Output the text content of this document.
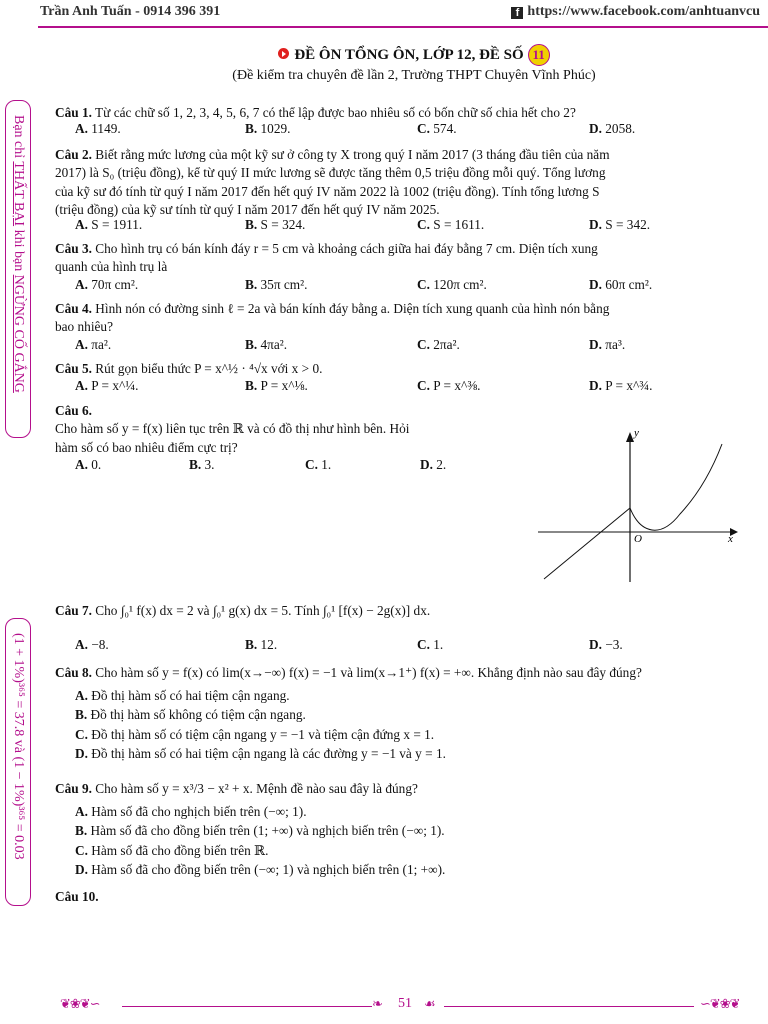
Trần Anh Tuấn - 0914 396 391	f https://www.facebook.com/anhtuanvcu
Bạn chỉ THẤT BẠI khi bạn NGỪNG CỐ GẮNG
(1 + 1%)³⁶⁵ = 37.8 và (1 − 1%)³⁶⁵ = 0.03
ĐỀ ÔN TỔNG ÔN, LỚP 12, ĐỀ SỐ 11
(Đề kiểm tra chuyên đề lần 2, Trường THPT Chuyên Vĩnh Phúc)
Câu 1. Từ các chữ số 1, 2, 3, 4, 5, 6, 7 có thể lập được bao nhiêu số có bốn chữ số chia hết cho 2?
A. 1149.	B. 1029.	C. 574.	D. 2058.
Câu 2. Biết rằng mức lương của một kỹ sư ở công ty X trong quý I năm 2017 (3 tháng đầu tiên của năm
2017) là S₀ (triệu đồng), kể từ quý II mức lương sẽ được tăng thêm 0,5 triệu đồng mỗi quý. Tổng lương
của kỹ sư đó tính từ quý I năm 2017 đến hết quý IV năm 2022 là 1002 (triệu đồng). Tính tổng lương S
(triệu đồng) của kỹ sư tính từ quý I năm 2017 đến hết quý IV năm 2025.
A. S = 1911.	B. S = 324.	C. S = 1611.	D. S = 342.
Câu 3. Cho hình trụ có bán kính đáy r = 5 cm và khoảng cách giữa hai đáy bằng 7 cm. Diện tích xung
quanh của hình trụ là
A. 70π cm².	B. 35π cm².	C. 120π cm².	D. 60π cm².
Câu 4. Hình nón có đường sinh ℓ = 2a và bán kính đáy bằng a. Diện tích xung quanh của hình nón bằng
bao nhiêu?
A. πa².	B. 4πa².	C. 2πa².	D. πa³.
Câu 5. Rút gọn biểu thức P = x^½ · ⁴√x với x > 0.
A. P = x^¼.	B. P = x^⅛.	C. P = x^⅜.	D. P = x^¾.
Câu 6.
Cho hàm số y = f(x) liên tục trên ℝ và có đồ thị như hình bên. Hỏi
hàm số có bao nhiêu điểm cực trị?
A. 0.	B. 3.	C. 1.	D. 2.
O
y
x
Câu 7. Cho ∫₀¹ f(x) dx = 2 và ∫₀¹ g(x) dx = 5. Tính ∫₀¹ [f(x) − 2g(x)] dx.
A. −8.	B. 12.	C. 1.	D. −3.
Câu 8. Cho hàm số y = f(x) có lim(x→−∞) f(x) = −1 và lim(x→1⁺) f(x) = +∞. Khẳng định nào sau đây đúng?
A. Đồ thị hàm số có hai tiệm cận ngang.
B. Đồ thị hàm số không có tiệm cận ngang.
C. Đồ thị hàm số có tiệm cận ngang y = −1 và tiệm cận đứng x = 1.
D. Đồ thị hàm số có hai tiệm cận ngang là các đường y = −1 và y = 1.
Câu 9. Cho hàm số y = x³/3 − x² + x. Mệnh đề nào sau đây là đúng?
A. Hàm số đã cho nghịch biến trên (−∞; 1).
B. Hàm số đã cho đồng biến trên (1; +∞) và nghịch biến trên (−∞; 1).
C. Hàm số đã cho đồng biến trên ℝ.
D. Hàm số đã cho đồng biến trên (−∞; 1) và nghịch biến trên (1; +∞).
Câu 10.
❦❀❦∽	❧ 51 ☙	∽❦❀❦
